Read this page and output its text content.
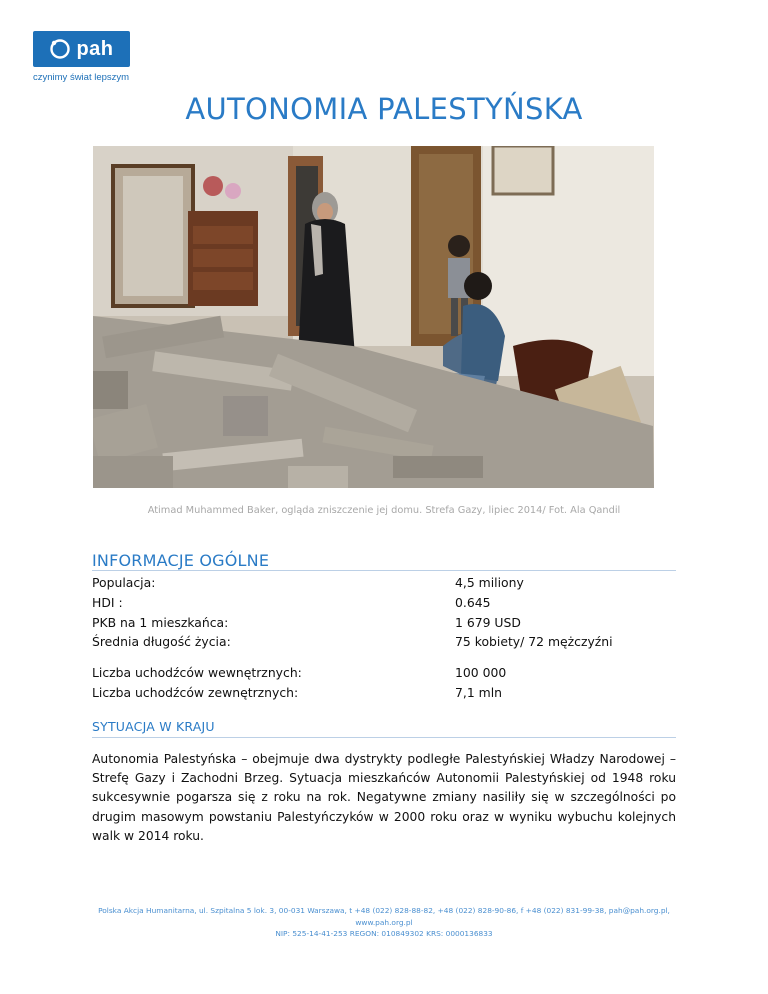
pah
czynimy świat lepszym
AUTONOMIA PALESTYŃSKA
Atimad Muhammed Baker, ogląda zniszczenie jej domu. Strefa Gazy, lipiec 2014/ Fot. Ala Qandil
INFORMACJE OGÓLNE
Populacja:	4,5 miliony
HDI :	0.645
PKB na 1 mieszkańca:	1 679 USD
Średnia długość życia:	75 kobiety/ 72 mężczyźni
Liczba uchodźców wewnętrznych:	100 000
Liczba uchodźców zewnętrznych:	7,1 mln
SYTUACJA W KRAJU
Autonomia Palestyńska – obejmuje dwa dystrykty podległe Palestyńskiej Władzy Narodowej – Strefę Gazy i Zachodni Brzeg. Sytuacja mieszkańców Autonomii Palestyńskiej od 1948 roku sukcesywnie pogarsza się z roku na rok. Negatywne zmiany nasiliły się w szczególności po drugim masowym powstaniu Palestyńczyków w 2000 roku oraz w wyniku wybuchu kolejnych walk w 2014 roku.
Polska Akcja Humanitarna, ul. Szpitalna 5 lok. 3, 00-031 Warszawa, t +48 (022) 828-88-82, +48 (022) 828-90-86, f +48 (022) 831-99-38, pah@pah.org.pl,
www.pah.org.pl
NIP: 525-14-41-253 REGON: 010849302 KRS: 0000136833
